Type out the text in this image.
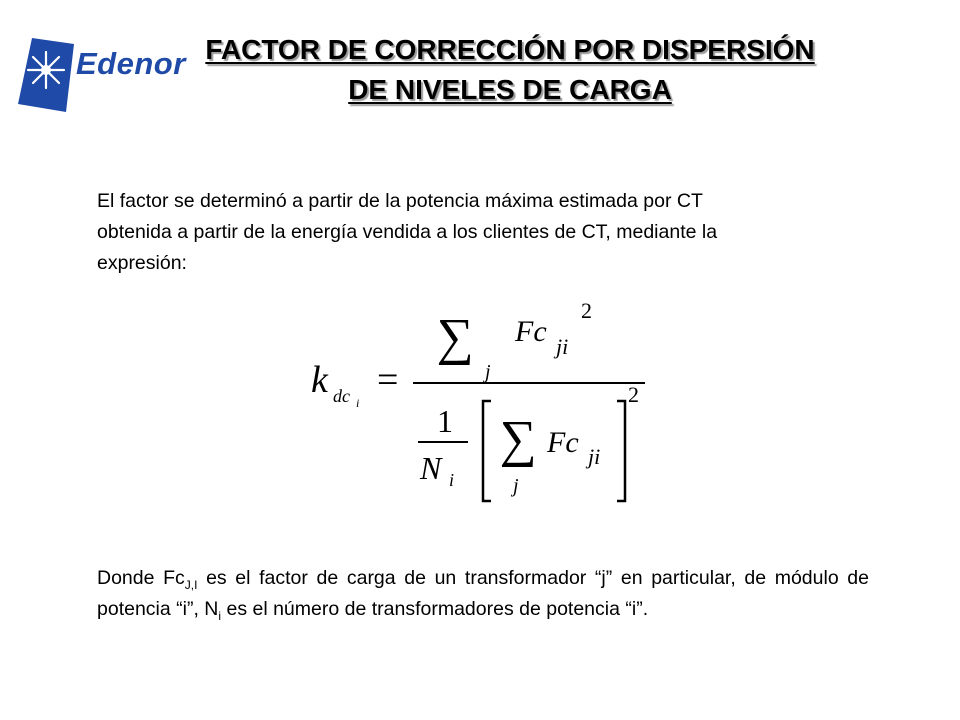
Edenor FACTOR DE CORRECCIÓN POR DISPERSIÓN
DE NIVELES DE CARGA
El factor se determinó a partir de la potencia máxima estimada por CT
obtenida a partir de la energía vendida a los clientes de CT, mediante la
expresión:
k dc i
=
∑
j
Fc ji
2
1
N i
∑
j
Fc ji
2
Donde $Fc_{J,I}$ es el factor de carga de un transformador “j” en particular, de módulo de potencia “i”, $N_i$ es el número de transformadores de potencia “i”.
